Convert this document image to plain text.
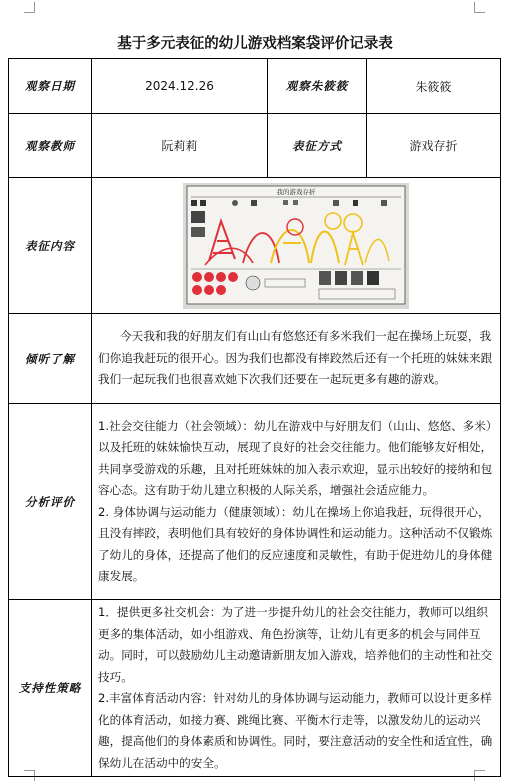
基于多元表征的幼儿游戏档案袋评价记录表
观察日期	2024.12.26	观察朱筱筱	朱筱筱
观察教师	阮莉莉	表征方式	游戏存折
表征内容	我的游戏存折		

倾听了解	今天我和我的好朋友们有山山有悠悠还有多米我们一起在操场上玩耍，我们你追我赶玩的很开心。因为我们也都没有摔跤然后还有一个托班的妹妹来跟我们一起玩我们也很喜欢她下次我们还要在一起玩更多有趣的游戏。		

分析评价	1.社会交往能力（社会领域）：幼儿在游戏中与好朋友们（山山、悠悠、多米）以及托班的妹妹愉快互动，展现了良好的社会交往能力。他们能够友好相处，共同享受游戏的乐趣，且对托班妹妹的加入表示欢迎，显示出较好的接纳和包容心态。这有助于幼儿建立积极的人际关系，增强社会适应能力。

2. 身体协调与运动能力（健康领域）：幼儿在操场上你追我赶，玩得很开心，且没有摔跤，表明他们具有较好的身体协调性和运动能力。这种活动不仅锻炼了幼儿的身体，还提高了他们的反应速度和灵敏性，有助于促进幼儿的身体健康发展。		

支持性策略	1．提供更多社交机会：为了进一步提升幼儿的社会交往能力，教师可以组织更多的集体活动，如小组游戏、角色扮演等，让幼儿有更多的机会与同伴互动。同时，可以鼓励幼儿主动邀请新朋友加入游戏，培养他们的主动性和社交技巧。

2.丰富体育活动内容：针对幼儿的身体协调与运动能力，教师可以设计更多样化的体育活动，如接力赛、跳绳比赛、平衡木行走等，以激发幼儿的运动兴趣，提高他们的身体素质和协调性。同时，要注意活动的安全性和适宜性，确保幼儿在活动中的安全。		
